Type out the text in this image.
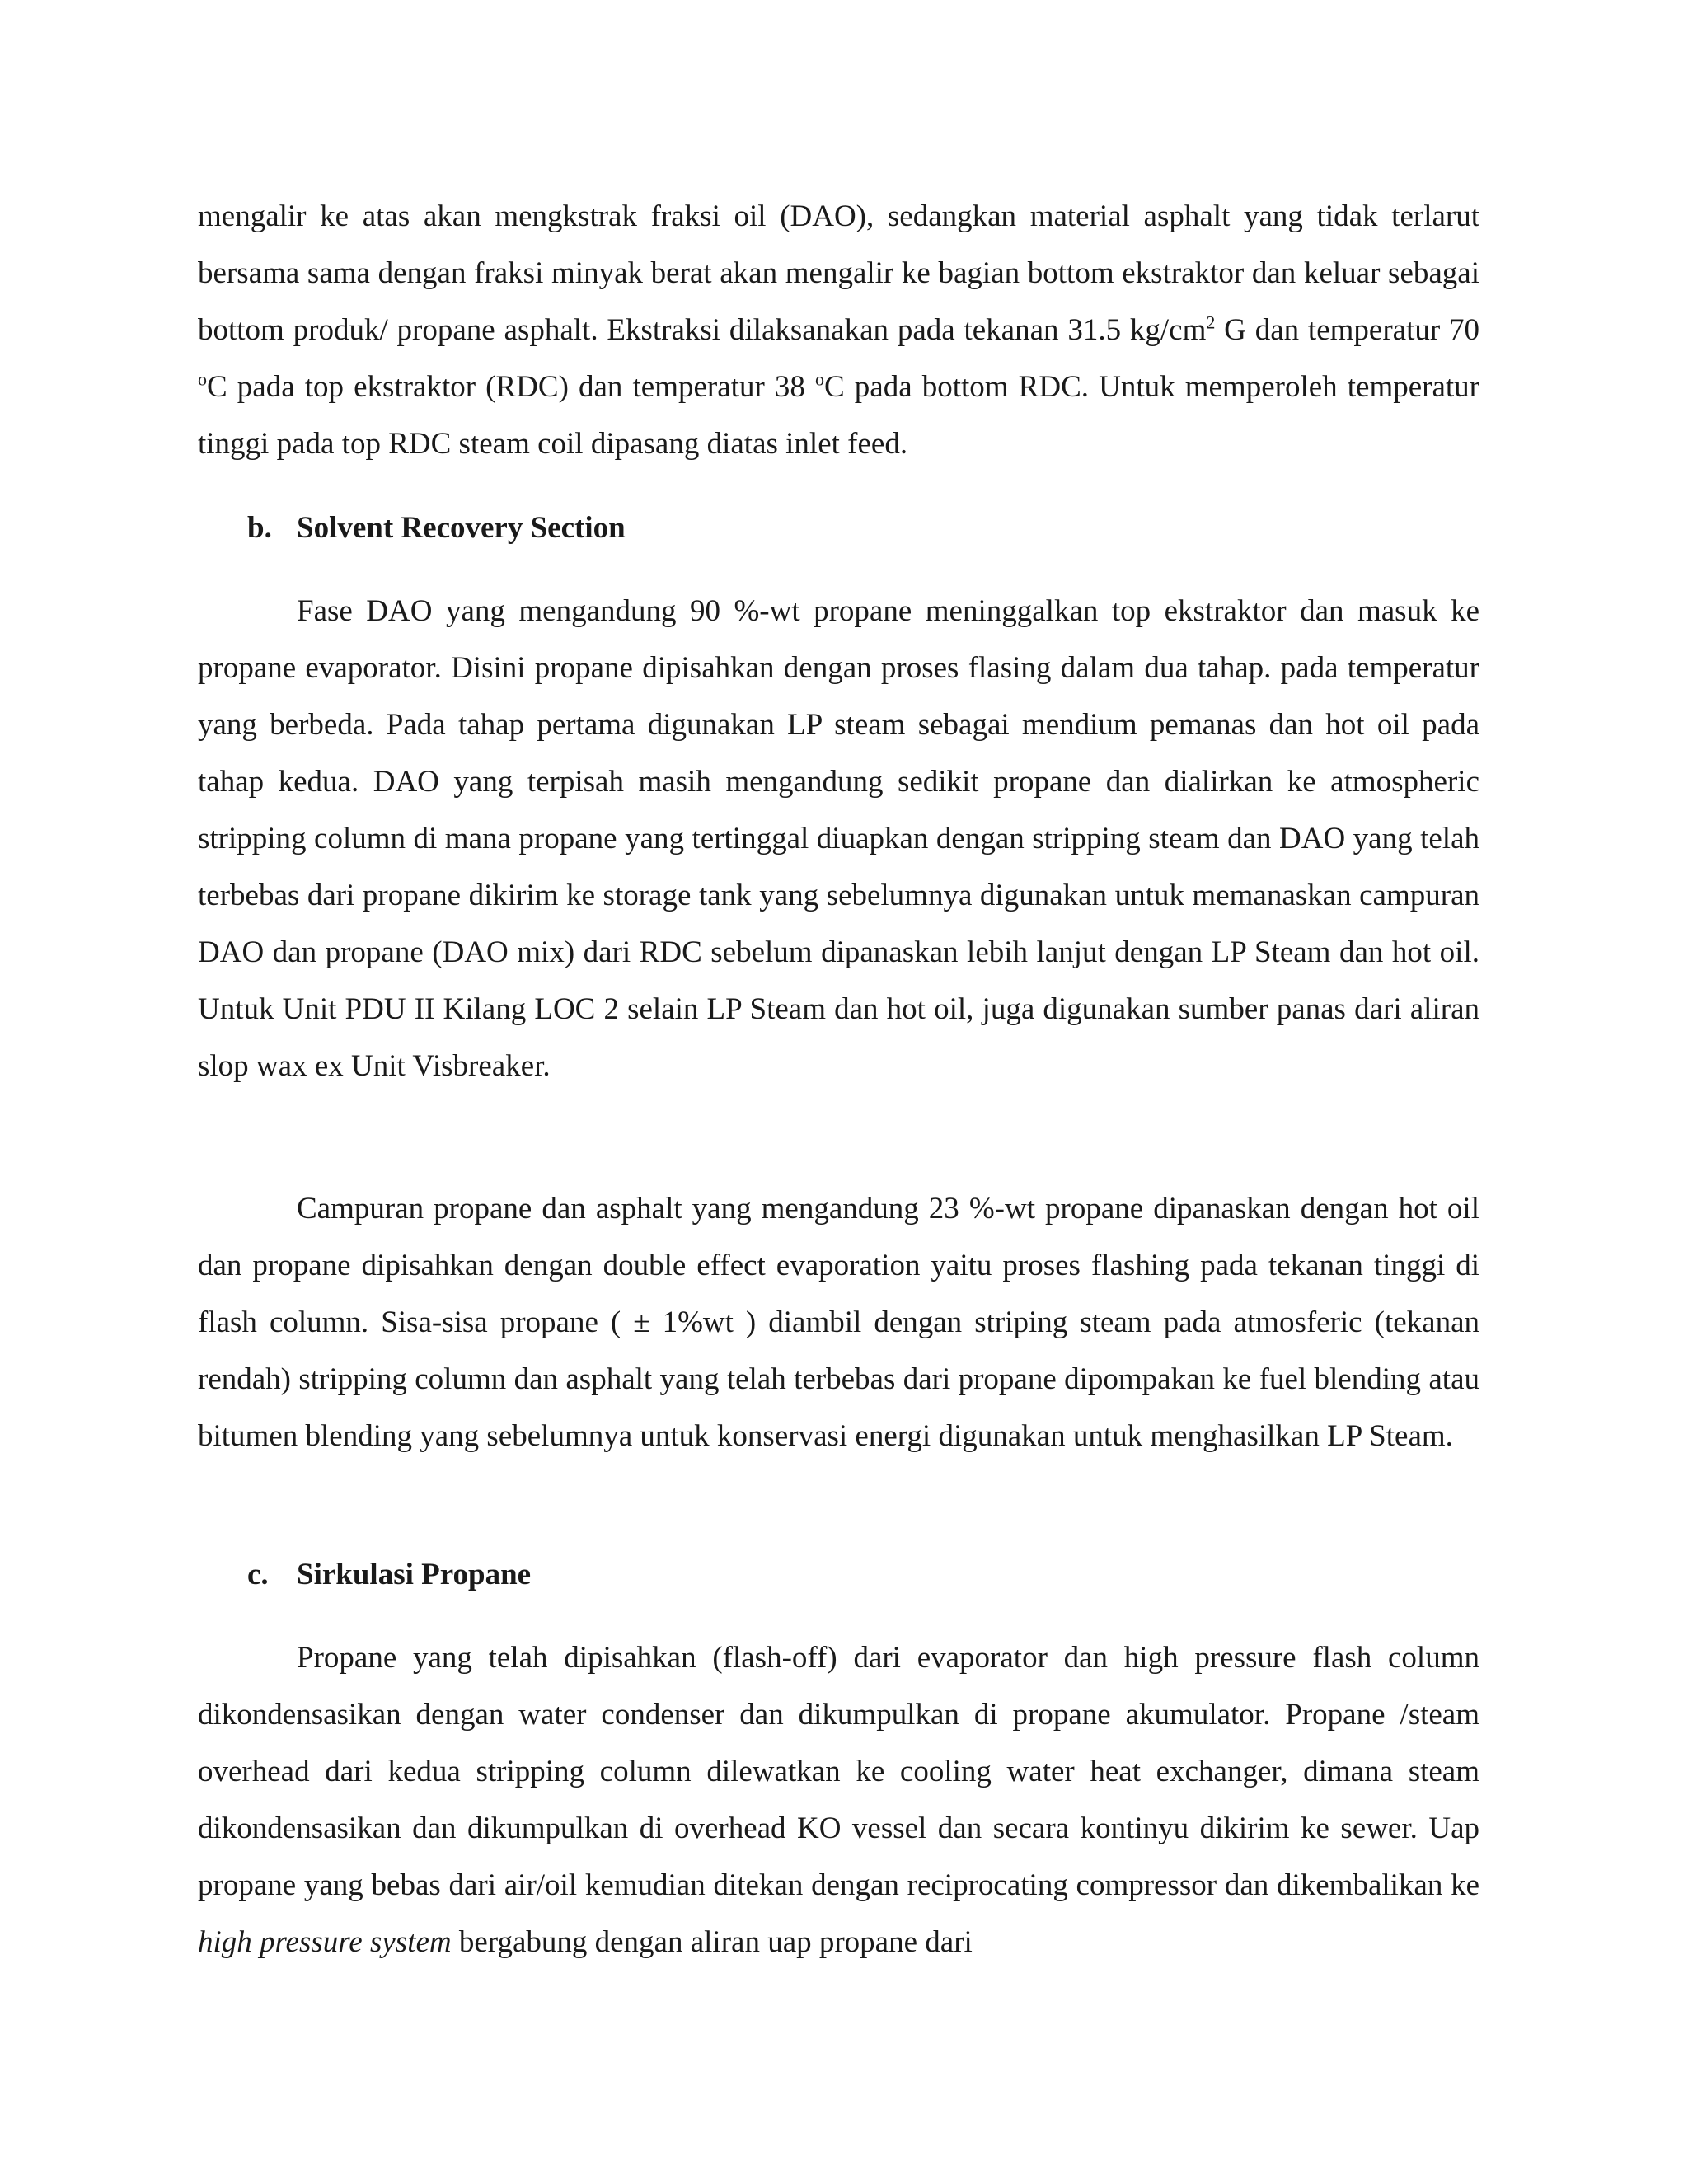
mengalir ke atas akan mengkstrak fraksi oil (DAO), sedangkan material asphalt yang tidak terlarut bersama sama dengan fraksi minyak berat akan mengalir ke bagian bottom ekstraktor dan keluar sebagai bottom produk/ propane asphalt. Ekstraksi dilaksanakan pada tekanan 31.5 $kg/cm^2$ G dan temperatur 70 $^o$C pada top ekstraktor (RDC) dan temperatur 38 $^o$C pada bottom RDC. Untuk memperoleh temperatur tinggi pada top RDC steam coil dipasang diatas inlet feed.

b. Solvent Recovery Section

Fase DAO yang mengandung 90 %-wt propane meninggalkan top ekstraktor dan masuk ke propane evaporator. Disini propane dipisahkan dengan proses flasing dalam dua tahap. pada temperatur yang berbeda. Pada tahap pertama digunakan LP steam sebagai mendium pemanas dan hot oil pada tahap kedua. DAO yang terpisah masih mengandung sedikit propane dan dialirkan ke atmospheric stripping column di mana propane yang tertinggal diuapkan dengan stripping steam dan DAO yang telah terbebas dari propane dikirim ke storage tank yang sebelumnya digunakan untuk memanaskan campuran DAO dan propane (DAO mix) dari RDC sebelum dipanaskan lebih lanjut dengan LP Steam dan hot oil. Untuk Unit PDU II Kilang LOC 2 selain LP Steam dan hot oil, juga digunakan sumber panas dari aliran slop wax ex Unit Visbreaker.

Campuran propane dan asphalt yang mengandung 23 %-wt propane dipanaskan dengan hot oil dan propane dipisahkan dengan double effect evaporation yaitu proses flashing pada tekanan tinggi di flash column. Sisa-sisa propane ( ± 1%wt ) diambil dengan striping steam pada atmosferic (tekanan rendah) stripping column dan asphalt yang telah terbebas dari propane dipompakan ke fuel blending atau bitumen blending yang sebelumnya untuk konservasi energi digunakan untuk menghasilkan LP Steam.

c. Sirkulasi Propane

Propane yang telah dipisahkan (flash-off) dari evaporator dan high pressure flash column dikondensasikan dengan water condenser dan dikumpulkan di propane akumulator. Propane /steam overhead dari kedua stripping column dilewatkan ke cooling water heat exchanger, dimana steam dikondensasikan dan dikumpulkan di overhead KO vessel dan secara kontinyu dikirim ke sewer. Uap propane yang bebas dari air/oil kemudian ditekan dengan reciprocating compressor dan dikembalikan ke high pressure system bergabung dengan aliran uap propane dari
